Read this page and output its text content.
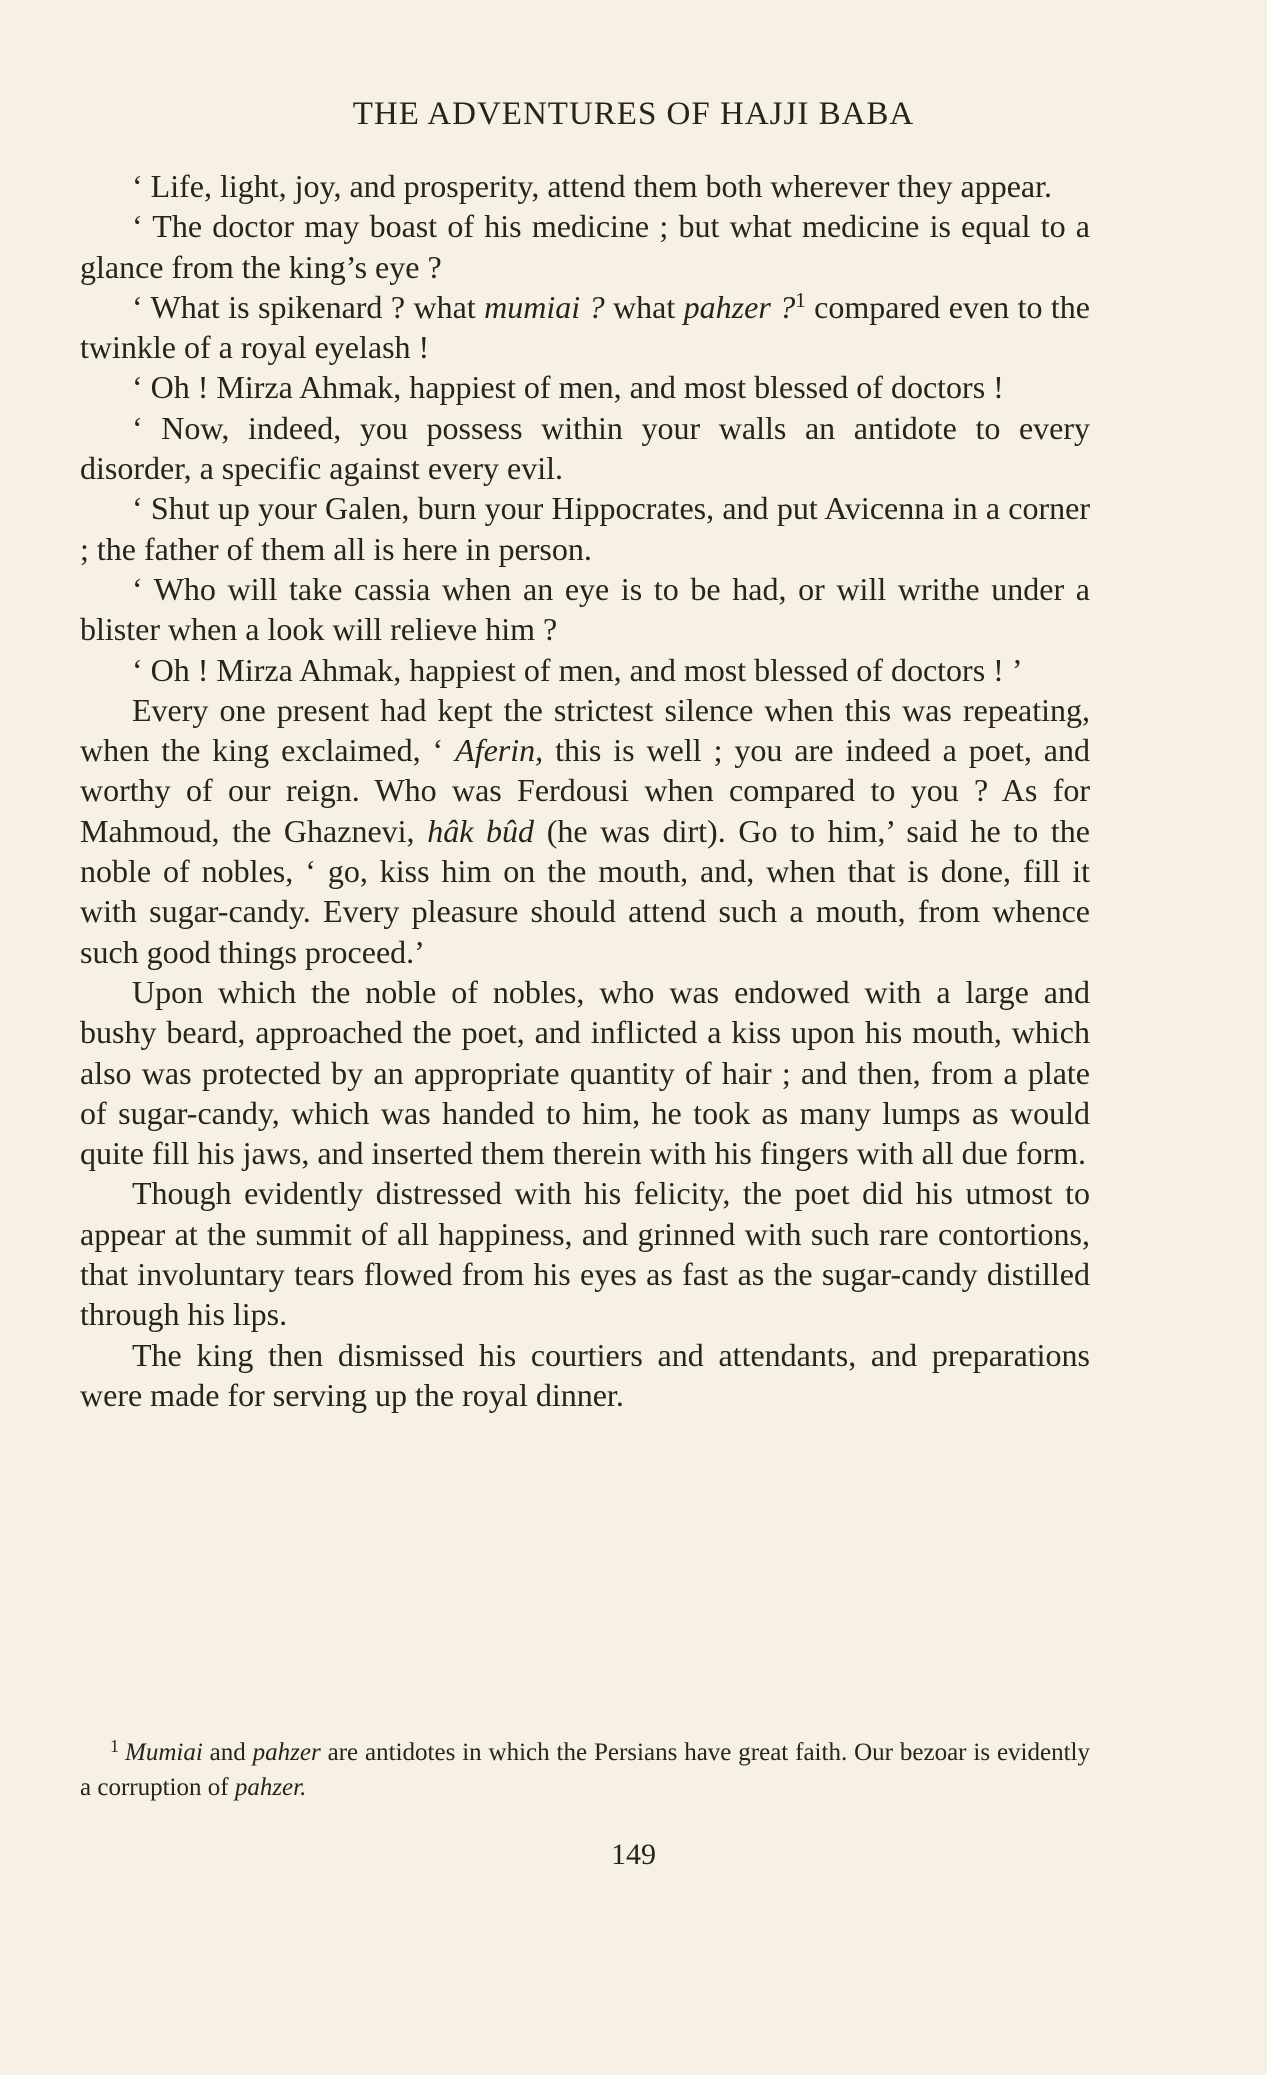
THE ADVENTURES OF HAJJI BABA

‘ Life, light, joy, and prosperity, attend them both wherever they appear.

‘ The doctor may boast of his medicine ; but what medicine is equal to a glance from the king’s eye ?

‘ What is spikenard ? what mumiai ? what pahzer ?$^1$ compared even to the twinkle of a royal eyelash !

‘ Oh ! Mirza Ahmak, happiest of men, and most blessed of doctors !

‘ Now, indeed, you possess within your walls an antidote to every disorder, a specific against every evil.

‘ Shut up your Galen, burn your Hippocrates, and put Avicenna in a corner ; the father of them all is here in person.

‘ Who will take cassia when an eye is to be had, or will writhe under a blister when a look will relieve him ?

‘ Oh ! Mirza Ahmak, happiest of men, and most blessed of doctors ! ’

Every one present had kept the strictest silence when this was repeating, when the king exclaimed, ‘ Aferin, this is well ; you are indeed a poet, and worthy of our reign. Who was Ferdousi when compared to you ? As for Mahmoud, the Ghaznevi, hâk bûd (he was dirt). Go to him,’ said he to the noble of nobles, ‘ go, kiss him on the mouth, and, when that is done, fill it with sugar-candy. Every pleasure should attend such a mouth, from whence such good things proceed.’

Upon which the noble of nobles, who was endowed with a large and bushy beard, approached the poet, and inflicted a kiss upon his mouth, which also was protected by an appropriate quantity of hair ; and then, from a plate of sugar-candy, which was handed to him, he took as many lumps as would quite fill his jaws, and inserted them therein with his fingers with all due form.

Though evidently distressed with his felicity, the poet did his utmost to appear at the summit of all happiness, and grinned with such rare contortions, that involuntary tears flowed from his eyes as fast as the sugar-candy distilled through his lips.

The king then dismissed his courtiers and attendants, and preparations were made for serving up the royal dinner.

$^1$ Mumiai and pahzer are antidotes in which the Persians have great faith. Our bezoar is evidently a corruption of pahzer.

149
